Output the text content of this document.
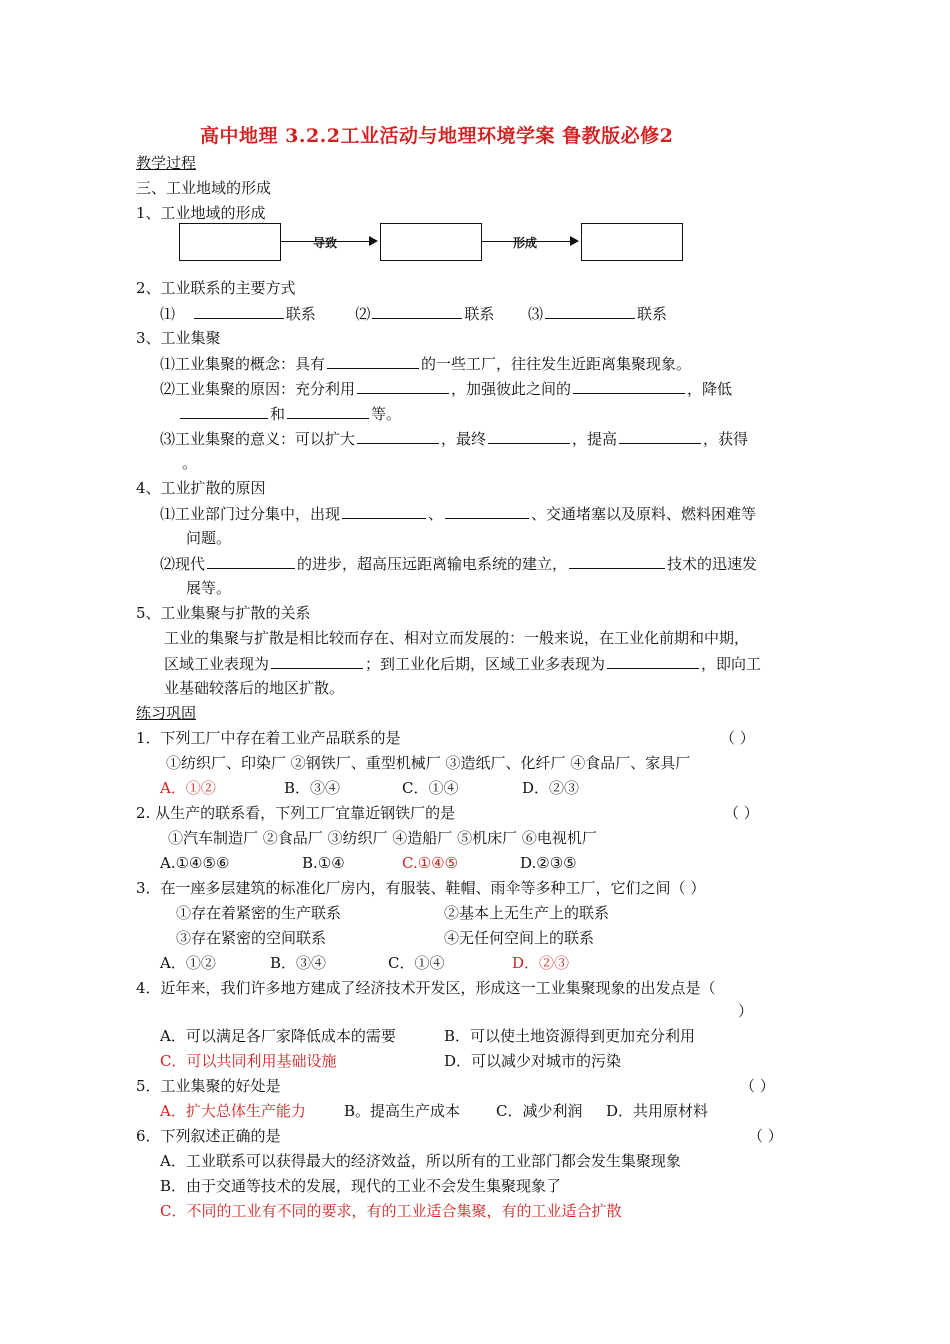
高中地理 3.2.2工业活动与地理环境学案 鲁教版必修2
教学过程
三、工业地域的形成
1、工业地域的形成
导致	形成
2、工业联系的主要方式
⑴	联系	⑵	联系 ⑶	联系
3、工业集聚
⑴工业集聚的概念：具有	的一些工厂，往往发生近距离集聚现象。
⑵工业集聚的原因：充分利用	，加强彼此之间的	，降低
和	等。
⑶工业集聚的意义：可以扩大	，最终	，提高	，获得
。
4、工业扩散的原因
⑴工业部门过分集中，出现	、	、交通堵塞以及原料、燃料困难等
问题。
⑵现代	的进步，超高压远距离输电系统的建立，	技术的迅速发
展等。
5、工业集聚与扩散的关系
工业的集聚与扩散是相比较而存在、相对立而发展的：一般来说，在工业化前期和中期，
区域工业表现为	；到工业化后期，区域工业多表现为	，即向工
业基础较落后的地区扩散。
练习巩固
1．下列工厂中存在着工业产品联系的是	（ ）
①纺织厂、印染厂 ②钢铁厂、重型机械厂 ③造纸厂、化纤厂 ④食品厂、家具厂
A．①②	B．③④	C．①④	D．②③
2. 从生产的联系看，下列工厂宜靠近钢铁厂的是	（ ）
①汽车制造厂 ②食品厂 ③纺织厂 ④造船厂 ⑤机床厂 ⑥电视机厂
A.①④⑤⑥	B.①④	C.①④⑤	D.②③⑤
3．在一座多层建筑的标准化厂房内，有服装、鞋帽、雨伞等多种工厂，它们之间（ ）
①存在着紧密的生产联系	②基本上无生产上的联系
③存在紧密的空间联系	④无任何空间上的联系
A．①②	B．③④	C．①④	D．②③
4．近年来，我们许多地方建成了经济技术开发区，形成这一工业集聚现象的出发点是（
）
A．可以满足各厂家降低成本的需要	B．可以使土地资源得到更加充分利用
C．可以共同利用基础设施	D．可以减少对城市的污染
5．工业集聚的好处是	（ ）
A．扩大总体生产能力	B。提高生产成本 C．减少利润 D．共用原材料
6．下列叙述正确的是	（ ）
A．工业联系可以获得最大的经济效益，所以所有的工业部门都会发生集聚现象
B．由于交通等技术的发展，现代的工业不会发生集聚现象了
C．不同的工业有不同的要求，有的工业适合集聚，有的工业适合扩散
